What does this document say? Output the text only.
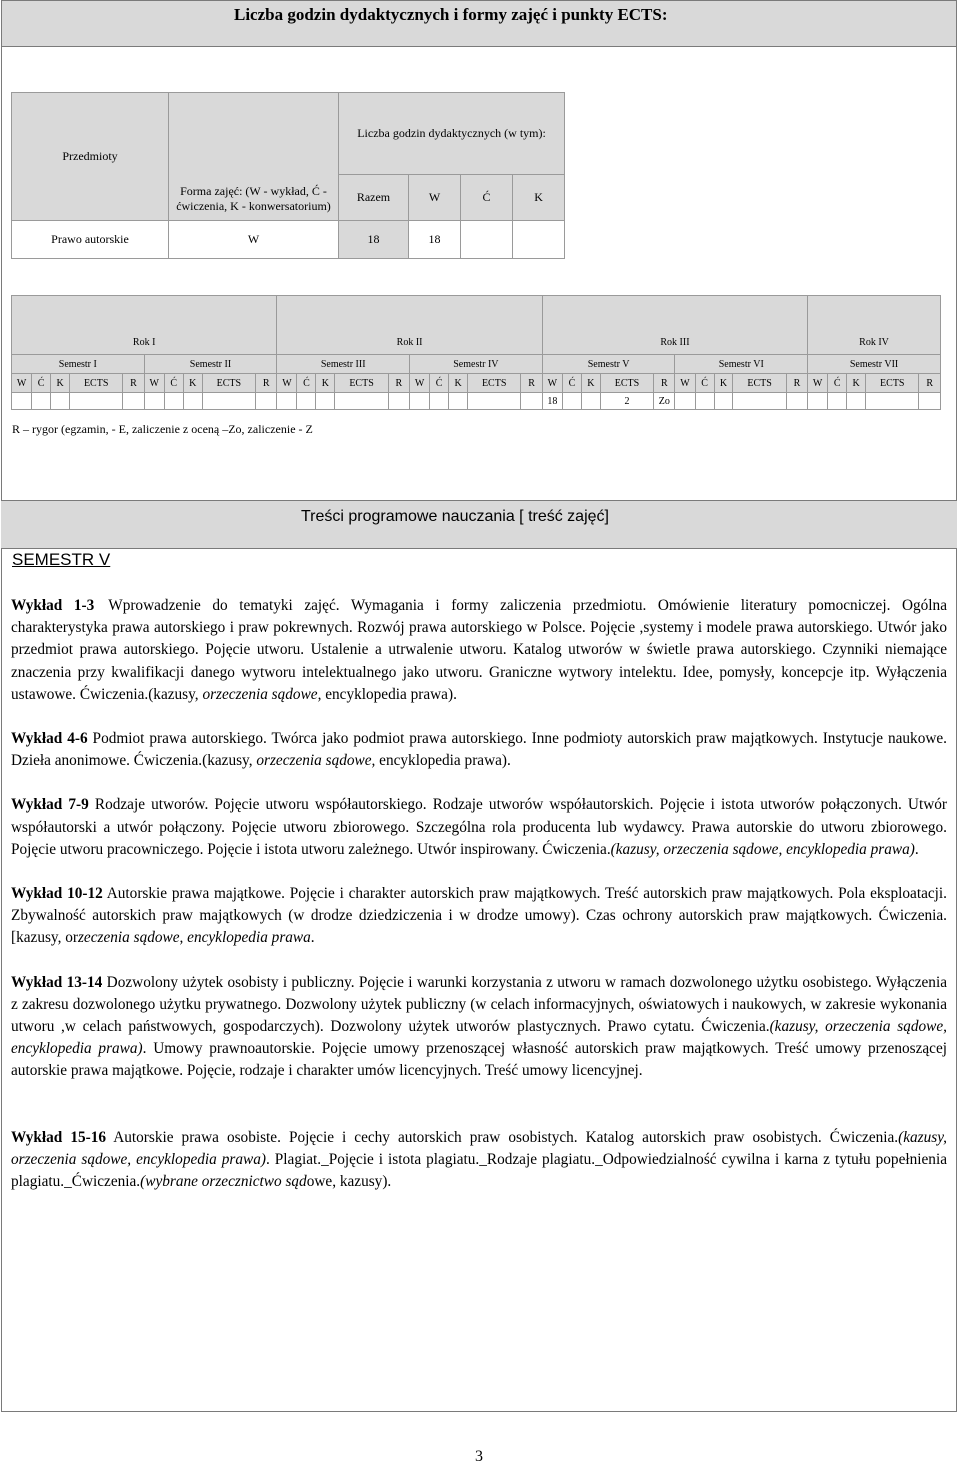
Liczba godzin dydaktycznych i formy zajęć i punkty ECTS:
Przedmioty	Forma zajęć: (W - wykład, Ć - ćwiczenia, K - konwersatorium)	Liczba godzin dydaktycznych (w tym):			
		Razem	W	Ć	K
Prawo autorskie	W	18	18		
Rok I										Rok II										Rok III										Rok IV				
Semestr I					Semestr II					Semestr III					Semestr IV					Semestr V					Semestr VI					Semestr VII				
W	Ć	K	ECTS	R	W	Ć	K	ECTS	R	W	Ć	K	ECTS	R	W	Ć	K	ECTS	R	W	Ć	K	ECTS	R	W	Ć	K	ECTS	R	W	Ć	K	ECTS	R
																				18			2	Zo										
R – rygor (egzamin, - E, zaliczenie z oceną –Zo, zaliczenie - Z
Treści programowe nauczania [ treść zajęć]
SEMESTR V

Wykład 1-3 Wprowadzenie do tematyki zajęć. Wymagania i formy zaliczenia przedmiotu. Omówienie literatury pomocniczej. Ogólna charakterystyka prawa autorskiego i praw pokrewnych. Rozwój prawa autorskiego w Polsce. Pojęcie ,systemy i modele prawa autorskiego. Utwór jako przedmiot prawa autorskiego. Pojęcie utworu. Ustalenie a utrwalenie utworu. Katalog utworów w świetle prawa autorskiego. Czynniki niemające znaczenia przy kwalifikacji danego wytworu intelektualnego jako utworu. Graniczne wytwory intelektu. Idee, pomysły, koncepcje itp. Wyłączenia ustawowe. Ćwiczenia.(kazusy, orzeczenia sądowe, encyklopedia prawa).

Wykład 4-6 Podmiot prawa autorskiego. Twórca jako podmiot prawa autorskiego. Inne podmioty autorskich praw majątkowych. Instytucje naukowe. Dzieła anonimowe. Ćwiczenia.(kazusy, orzeczenia sądowe, encyklopedia prawa).

Wykład 7-9 Rodzaje utworów. Pojęcie utworu współautorskiego. Rodzaje utworów współautorskich. Pojęcie i istota utworów połączonych. Utwór współautorski a utwór połączony. Pojęcie utworu zbiorowego. Szczególna rola producenta lub wydawcy. Prawa autorskie do utworu zbiorowego. Pojęcie utworu pracowniczego. Pojęcie i istota utworu zależnego. Utwór inspirowany. Ćwiczenia.(kazusy, orzeczenia sądowe, encyklopedia prawa).

Wykład 10-12 Autorskie prawa majątkowe. Pojęcie i charakter autorskich praw majątkowych. Treść autorskich praw majątkowych. Pola eksploatacji. Zbywalność autorskich praw majątkowych (w drodze dziedziczenia i w drodze umowy). Czas ochrony autorskich praw majątkowych. Ćwiczenia.[kazusy, orzeczenia sądowe, encyklopedia prawa.

Wykład 13-14 Dozwolony użytek osobisty i publiczny. Pojęcie i warunki korzystania z utworu w ramach dozwolonego użytku osobistego. Wyłączenia z zakresu dozwolonego użytku prywatnego. Dozwolony użytek publiczny (w celach informacyjnych, oświatowych i naukowych, w zakresie wykonania utworu ,w celach państwowych, gospodarczych). Dozwolony użytek utworów plastycznych. Prawo cytatu. Ćwiczenia.(kazusy, orzeczenia sądowe, encyklopedia prawa). Umowy prawnoautorskie. Pojęcie umowy przenoszącej własność autorskich praw majątkowych. Treść umowy przenoszącej autorskie prawa majątkowe. Pojęcie, rodzaje i charakter umów licencyjnych. Treść umowy licencyjnej.

Wykład 15-16 Autorskie prawa osobiste. Pojęcie i cechy autorskich praw osobistych. Katalog autorskich praw osobistych. Ćwiczenia.(kazusy, orzeczenia sądowe, encyklopedia prawa). Plagiat._Pojęcie i istota plagiatu._Rodzaje plagiatu._Odpowiedzialność cywilna i karna z tytułu popełnienia plagiatu._Ćwiczenia.(wybrane orzecznictwo sądowe, kazusy).

3
